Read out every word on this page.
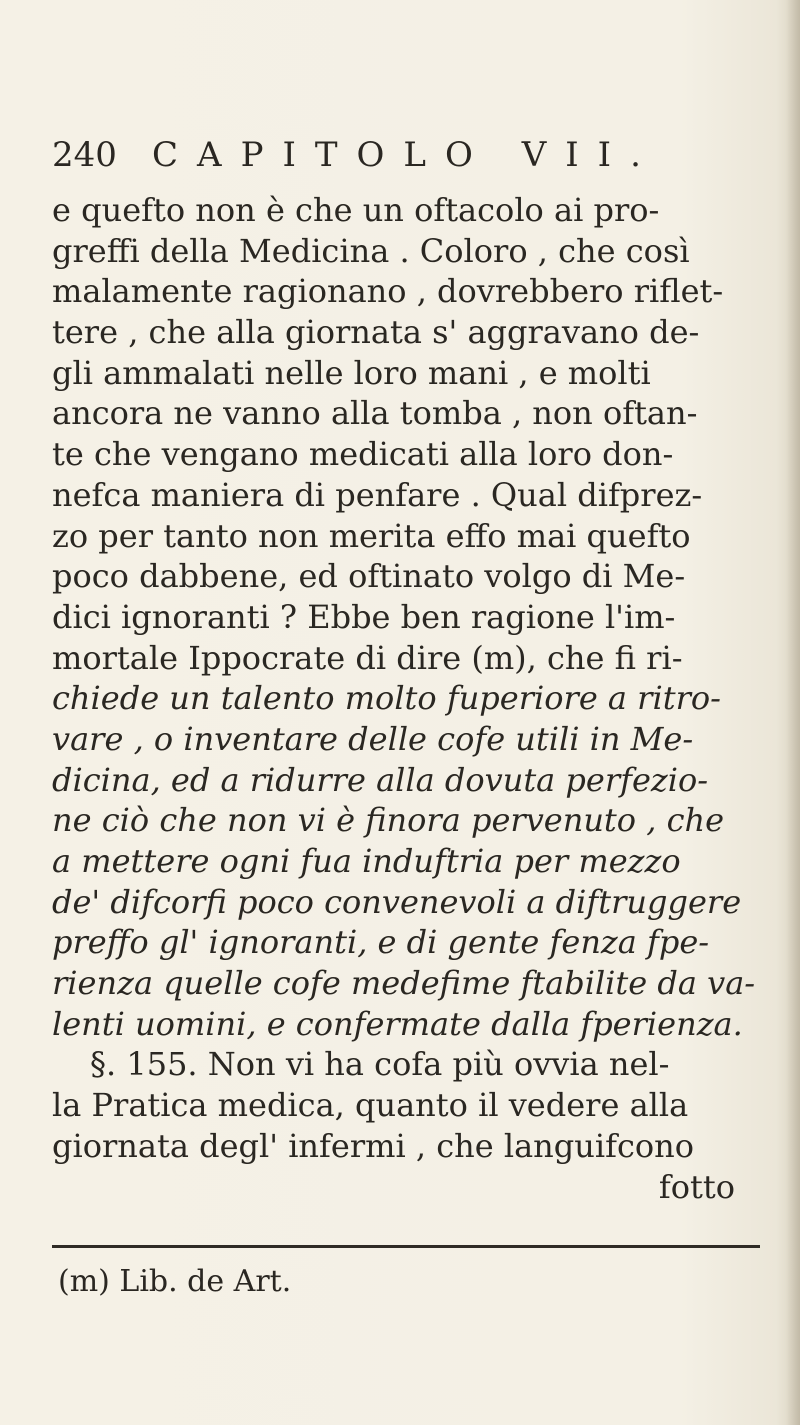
240 CAPITOLO VII.
e quefto non è che un oftacolo ai pro-
greffi della Medicina . Coloro , che così
malamente ragionano , dovrebbero riflet-
tere , che alla giornata s' aggravano de-
gli ammalati nelle loro mani , e molti
ancora ne vanno alla tomba , non oftan-
te che vengano medicati alla loro don-
nefca maniera di penfare . Qual difprez-
zo per tanto non merita effo mai quefto
poco dabbene, ed oftinato volgo di Me-
dici ignoranti ? Ebbe ben ragione l'im-
mortale Ippocrate di dire (m), che fi ri-
chiede un talento molto fuperiore a ritro-
vare , o inventare delle cofe utili in Me-
dicina, ed a ridurre alla dovuta perfezio-
ne ciò che non vi è finora pervenuto , che
a mettere ogni fua induftria per mezzo
de' difcorfi poco convenevoli a diftruggere
preffo gl' ignoranti, e di gente fenza fpe-
rienza quelle cofe medefime ftabilite da va-
lenti uomini, e confermate dalla fperienza.
§. 155. Non vi ha cofa più ovvia nel-
la Pratica medica, quanto il vedere alla
giornata degl' infermi , che languifcono
fotto
(m) Lib. de Art.
